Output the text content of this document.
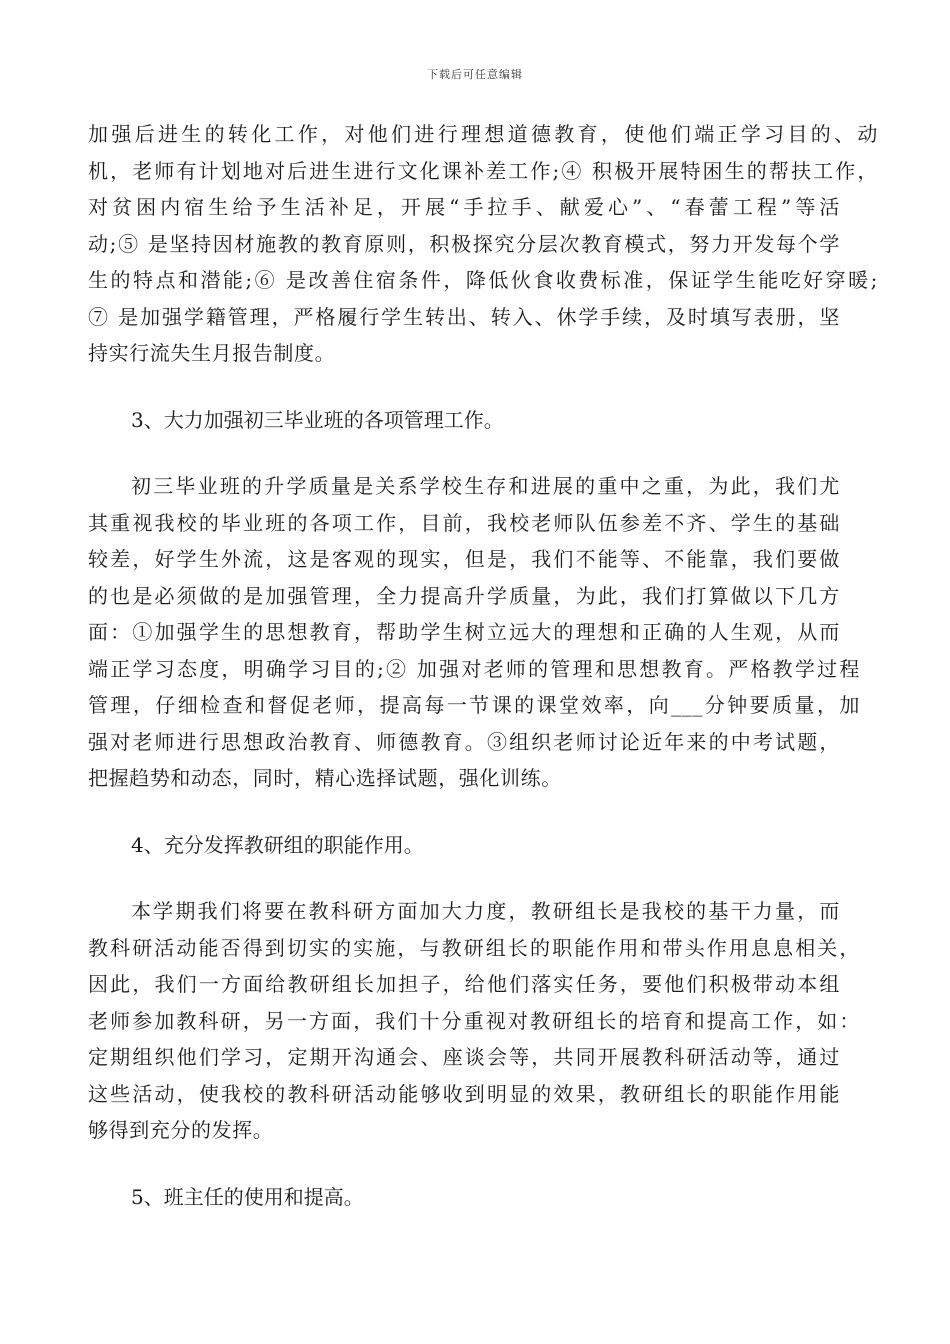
下载后可任意编辑
加强后进生的转化工作，对他们进行理想道德教育，使他们端正学习目的、动
机，老师有计划地对后进生进行文化课补差工作;④ 积极开展特困生的帮扶工作，
对贫困内宿生给予生活补足，开展“手拉手、献爱心”、“春蕾工程”等活
动;⑤ 是坚持因材施教的教育原则，积极探究分层次教育模式，努力开发每个学
生的特点和潜能;⑥ 是改善住宿条件，降低伙食收费标准，保证学生能吃好穿暖;
⑦ 是加强学籍管理，严格履行学生转出、转入、休学手续，及时填写表册，坚
持实行流失生月报告制度。
3、大力加强初三毕业班的各项管理工作。
初三毕业班的升学质量是关系学校生存和进展的重中之重，为此，我们尤
其重视我校的毕业班的各项工作，目前，我校老师队伍参差不齐、学生的基础
较差，好学生外流，这是客观的现实，但是，我们不能等、不能靠，我们要做
的也是必须做的是加强管理，全力提高升学质量，为此，我们打算做以下几方
面：①加强学生的思想教育，帮助学生树立远大的理想和正确的人生观，从而
端正学习态度，明确学习目的;② 加强对老师的管理和思想教育。严格教学过程
管理，仔细检查和督促老师，提高每一节课的课堂效率，向___分钟要质量，加
强对老师进行思想政治教育、师德教育。③组织老师讨论近年来的中考试题，
把握趋势和动态，同时，精心选择试题，强化训练。
4、充分发挥教研组的职能作用。
本学期我们将要在教科研方面加大力度，教研组长是我校的基干力量，而
教科研活动能否得到切实的实施，与教研组长的职能作用和带头作用息息相关，
因此，我们一方面给教研组长加担子，给他们落实任务，要他们积极带动本组
老师参加教科研，另一方面，我们十分重视对教研组长的培育和提高工作，如：
定期组织他们学习，定期开沟通会、座谈会等，共同开展教科研活动等，通过
这些活动，使我校的教科研活动能够收到明显的效果，教研组长的职能作用能
够得到充分的发挥。
5、班主任的使用和提高。
